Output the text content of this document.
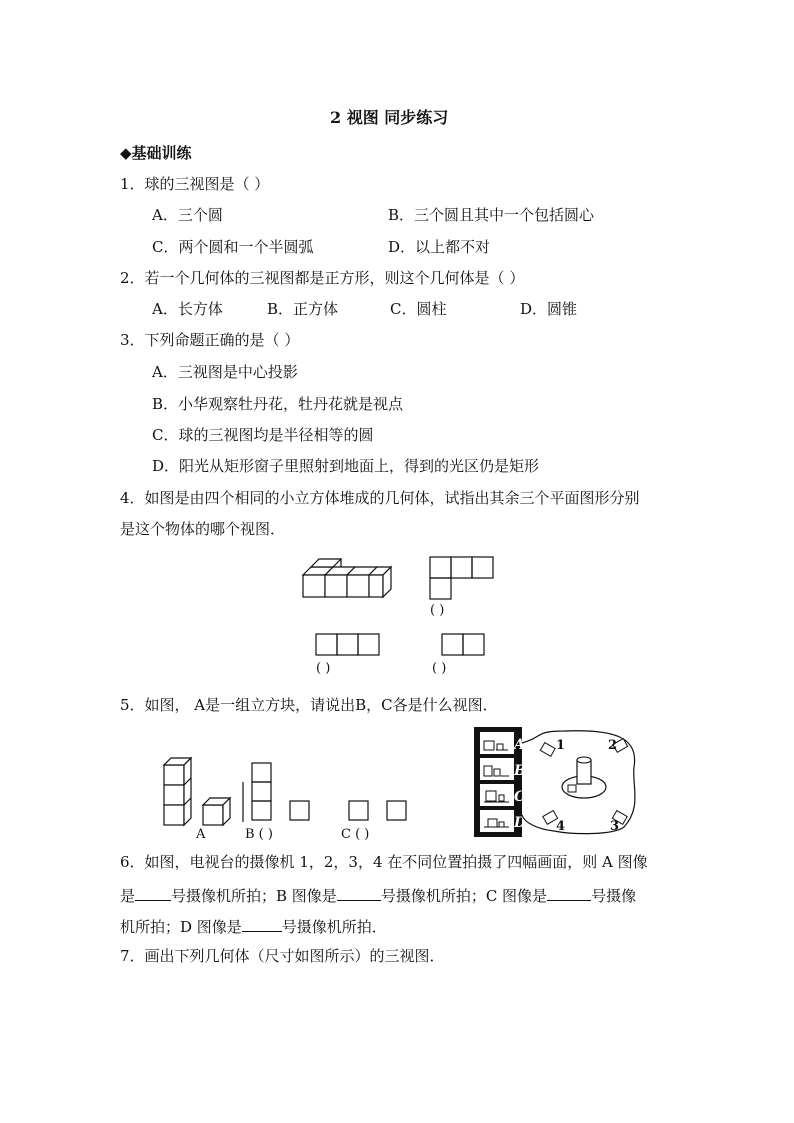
2 视图 同步练习
◆基础训练
1．球的三视图是（ ）
A．三个圆	B．三个圆且其中一个包括圆心
C．两个圆和一个半圆弧	D．以上都不对
2．若一个几何体的三视图都是正方形，则这个几何体是（ ）
A．长方体	B．正方体	C．圆柱	D．圆锥
3．下列命题正确的是（ ）
A．三视图是中心投影
B．小华观察牡丹花，牡丹花就是视点
C．球的三视图均是半径相等的圆
D．阳光从矩形窗子里照射到地面上，得到的光区仍是矩形
4．如图是由四个相同的小立方体堆成的几何体，试指出其余三个平面图形分别
是这个物体的哪个视图．
( )
( )	( )
5．如图， A是一组立方块，请说出B，C各是什么视图．
A	B ( )	C ( )
A
B
C
D
1	2
3
4
6．如图，电视台的摄像机 1，2，3，4 在不同位置拍摄了四幅画面，则 A 图像
是 号摄像机所拍；B 图像是	号摄像机所拍；C 图像是	号摄像
机所拍；D 图像是	号摄像机所拍．
7．画出下列几何体（尺寸如图所示）的三视图．
